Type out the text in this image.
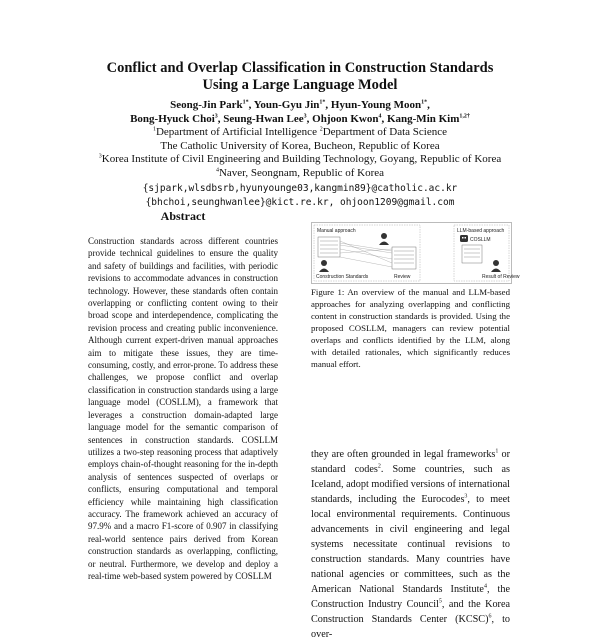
Conflict and Overlap Classification in Construction Standards
Using a Large Language Model
Seong-Jin Park$^{1*}$, Youn-Gyu Jin$^{1*}$, Hyun-Young Moon$^{1*}$,
Bong-Hyuck Choi$^3$, Seung-Hwan Lee$^3$, Ohjoon Kwon$^4$, Kang-Min Kim$^{1,2\dagger}$
$^1$Department of Artificial Intelligence $^2$Department of Data Science
The Catholic University of Korea, Bucheon, Republic of Korea
$^3$Korea Institute of Civil Engineering and Building Technology, Goyang, Republic of Korea
$^4$Naver, Seongnam, Republic of Korea
{sjpark,wlsdbsrb,hyunyounge03,kangmin89}@catholic.ac.kr
{bhchoi,seunghwanlee}@kict.re.kr, ohjoon1209@gmail.com
Abstract
Construction standards across different countries provide technical guidelines to ensure the quality and safety of buildings and facilities, with periodic revisions to accommodate advances in construction technology. However, these standards often contain overlapping or conflicting content owing to their broad scope and interdependence, complicating the revision process and creating public inconvenience. Although current expert-driven manual approaches aim to mitigate these issues, they are time-consuming, costly, and error-prone. To address these challenges, we propose conflict and overlap classification in construction standards using a large language model (COSLLM), a framework that leverages a construction domain-adapted large language model for the semantic comparison of sentences in construction standards. COSLLM utilizes a two-step reasoning process that adaptively employs chain-of-thought reasoning for the in-depth analysis of sentences suspected of overlaps or conflicts, ensuring computational and temporal efficiency while maintaining high classification accuracy. The framework achieved an accuracy of 97.9% and a macro F1-score of 0.907 in classifying real-world sentence pairs derived from Korean construction standards as overlapping, conflicting, or neutral. Furthermore, we develop and deploy a real-time web-based system powered by COSLLM
Manual approach
Construction Standards	Review
LLM-based approach
COSLLM
Result of Review
Figure 1: An overview of the manual and LLM-based approaches for analyzing overlapping and conflicting content in construction standards is provided. Using the proposed COSLLM, managers can review potential overlaps and conflicts identified by the LLM, along with detailed rationales, which significantly reduces manual effort.
they are often grounded in legal frameworks$^1$ or standard codes$^2$. Some countries, such as Iceland, adopt modified versions of international standards, including the Eurocodes$^3$, to meet local environmental requirements. Continuous advancements in civil engineering and legal systems necessitate continual revisions to construction standards. Many countries have national agencies or committees, such as the American National Standards Institute$^4$, the Construction Industry Council$^5$, and the Korea Construction Standards Center (KCSC)$^6$, to over-
